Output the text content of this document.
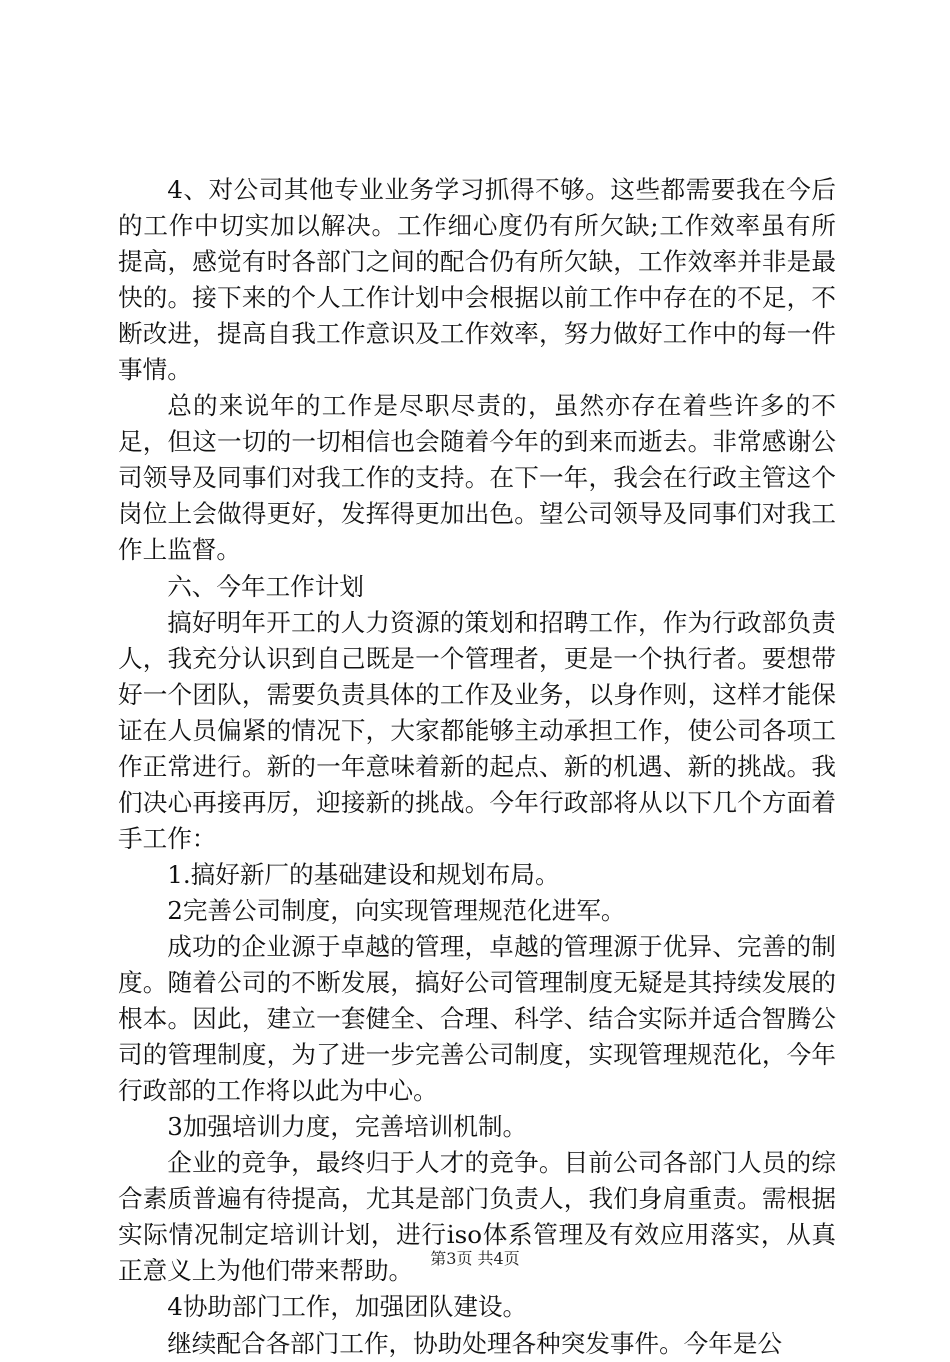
4、对公司其他专业业务学习抓得不够。这些都需要我在今后的工作中切实加以解决。工作细心度仍有所欠缺;工作效率虽有所提高，感觉有时各部门之间的配合仍有所欠缺，工作效率并非是最快的。接下来的个人工作计划中会根据以前工作中存在的不足，不断改进，提高自我工作意识及工作效率，努力做好工作中的每一件事情。

总的来说年的工作是尽职尽责的，虽然亦存在着些许多的不足，但这一切的一切相信也会随着今年的到来而逝去。非常感谢公司领导及同事们对我工作的支持。在下一年，我会在行政主管这个岗位上会做得更好，发挥得更加出色。望公司领导及同事们对我工作上监督。

六、今年工作计划

搞好明年开工的人力资源的策划和招聘工作，作为行政部负责人，我充分认识到自己既是一个管理者，更是一个执行者。要想带好一个团队，需要负责具体的工作及业务，以身作则，这样才能保证在人员偏紧的情况下，大家都能够主动承担工作，使公司各项工作正常进行。新的一年意味着新的起点、新的机遇、新的挑战。我们决心再接再厉，迎接新的挑战。今年行政部将从以下几个方面着手工作：

1.搞好新厂的基础建设和规划布局。

2完善公司制度，向实现管理规范化进军。

成功的企业源于卓越的管理，卓越的管理源于优异、完善的制度。随着公司的不断发展，搞好公司管理制度无疑是其持续发展的根本。因此，建立一套健全、合理、科学、结合实际并适合智腾公司的管理制度，为了进一步完善公司制度，实现管理规范化，今年行政部的工作将以此为中心。

3加强培训力度，完善培训机制。

企业的竞争，最终归于人才的竞争。目前公司各部门人员的综合素质普遍有待提高，尤其是部门负责人，我们身肩重责。需根据实际情况制定培训计划，进行iso体系管理及有效应用落实，从真正意义上为他们带来帮助。

4协助部门工作，加强团队建设。

继续配合各部门工作，协助处理各种突发事件。今年是公

第3页 共4页
